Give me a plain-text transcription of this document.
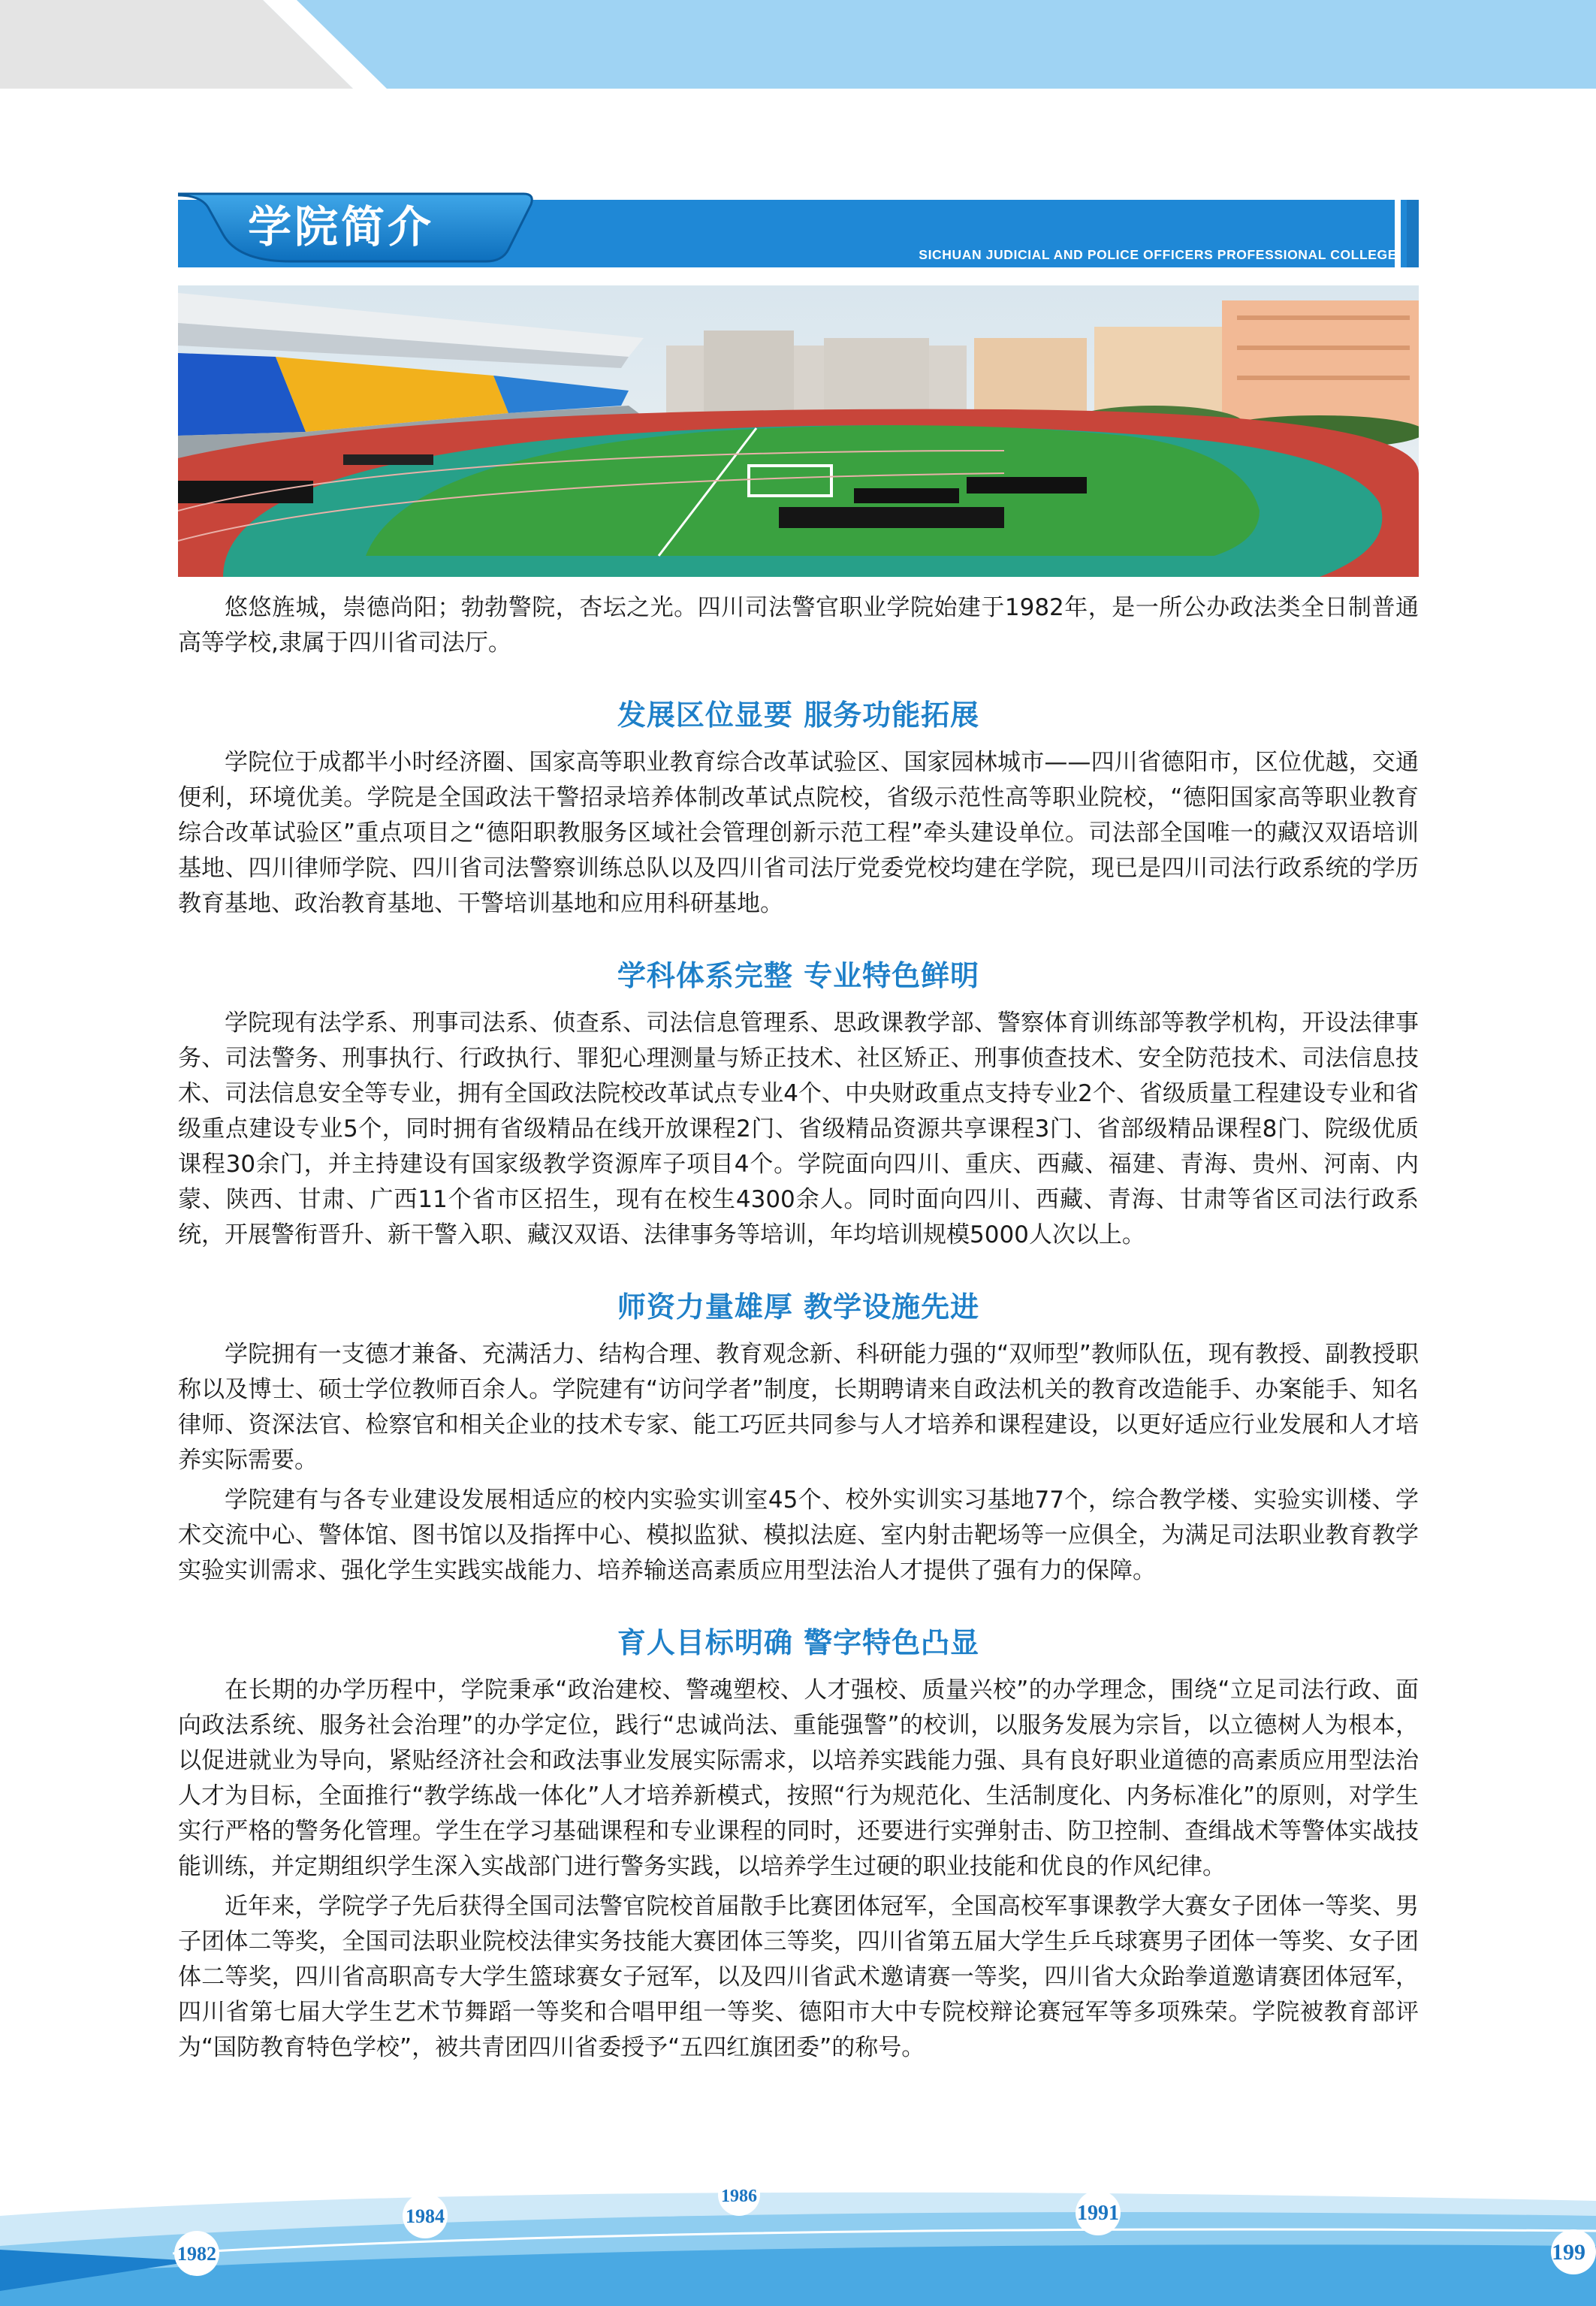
学院简介
SICHUAN JUDICIAL AND POLICE OFFICERS PROFESSIONAL COLLEGE

悠悠旌城，崇德尚阳；勃勃警院，杏坛之光。四川司法警官职业学院始建于1982年，是一所公办政法类全日制普通高等学校,隶属于四川省司法厅。

发展区位显要 服务功能拓展

学院位于成都半小时经济圈、国家高等职业教育综合改革试验区、国家园林城市——四川省德阳市，区位优越，交通便利，环境优美。学院是全国政法干警招录培养体制改革试点院校，省级示范性高等职业院校，“德阳国家高等职业教育综合改革试验区”重点项目之“德阳职教服务区域社会管理创新示范工程”牵头建设单位。司法部全国唯一的藏汉双语培训基地、四川律师学院、四川省司法警察训练总队以及四川省司法厅党委党校均建在学院，现已是四川司法行政系统的学历教育基地、政治教育基地、干警培训基地和应用科研基地。

学科体系完整 专业特色鲜明

学院现有法学系、刑事司法系、侦查系、司法信息管理系、思政课教学部、警察体育训练部等教学机构，开设法律事务、司法警务、刑事执行、行政执行、罪犯心理测量与矫正技术、社区矫正、刑事侦查技术、安全防范技术、司法信息技术、司法信息安全等专业，拥有全国政法院校改革试点专业4个、中央财政重点支持专业2个、省级质量工程建设专业和省级重点建设专业5个，同时拥有省级精品在线开放课程2门、省级精品资源共享课程3门、省部级精品课程8门、院级优质课程30余门，并主持建设有国家级教学资源库子项目4个。学院面向四川、重庆、西藏、福建、青海、贵州、河南、内蒙、陕西、甘肃、广西11个省市区招生，现有在校生4300余人。同时面向四川、西藏、青海、甘肃等省区司法行政系统，开展警衔晋升、新干警入职、藏汉双语、法律事务等培训，年均培训规模5000人次以上。

师资力量雄厚 教学设施先进

学院拥有一支德才兼备、充满活力、结构合理、教育观念新、科研能力强的“双师型”教师队伍，现有教授、副教授职称以及博士、硕士学位教师百余人。学院建有“访问学者”制度，长期聘请来自政法机关的教育改造能手、办案能手、知名律师、资深法官、检察官和相关企业的技术专家、能工巧匠共同参与人才培养和课程建设，以更好适应行业发展和人才培养实际需要。

学院建有与各专业建设发展相适应的校内实验实训室45个、校外实训实习基地77个，综合教学楼、实验实训楼、学术交流中心、警体馆、图书馆以及指挥中心、模拟监狱、模拟法庭、室内射击靶场等一应俱全，为满足司法职业教育教学实验实训需求、强化学生实践实战能力、培养输送高素质应用型法治人才提供了强有力的保障。

育人目标明确 警字特色凸显

在长期的办学历程中，学院秉承“政治建校、警魂塑校、人才强校、质量兴校”的办学理念，围绕“立足司法行政、面向政法系统、服务社会治理”的办学定位，践行“忠诚尚法、重能强警”的校训，以服务发展为宗旨，以立德树人为根本，以促进就业为导向，紧贴经济社会和政法事业发展实际需求，以培养实践能力强、具有良好职业道德的高素质应用型法治人才为目标，全面推行“教学练战一体化”人才培养新模式，按照“行为规范化、生活制度化、内务标准化”的原则，对学生实行严格的警务化管理。学生在学习基础课程和专业课程的同时，还要进行实弹射击、防卫控制、查缉战术等警体实战技能训练，并定期组织学生深入实战部门进行警务实践，以培养学生过硬的职业技能和优良的作风纪律。

近年来，学院学子先后获得全国司法警官院校首届散手比赛团体冠军，全国高校军事课教学大赛女子团体一等奖、男子团体二等奖，全国司法职业院校法律实务技能大赛团体三等奖，四川省第五届大学生乒乓球赛男子团体一等奖、女子团体二等奖，四川省高职高专大学生篮球赛女子冠军，以及四川省武术邀请赛一等奖，四川省大众跆拳道邀请赛团体冠军，四川省第七届大学生艺术节舞蹈一等奖和合唱甲组一等奖、德阳市大中专院校辩论赛冠军等多项殊荣。学院被教育部评为“国防教育特色学校”，被共青团四川省委授予“五四红旗团委”的称号。

1982
1984
1986
1991
199
